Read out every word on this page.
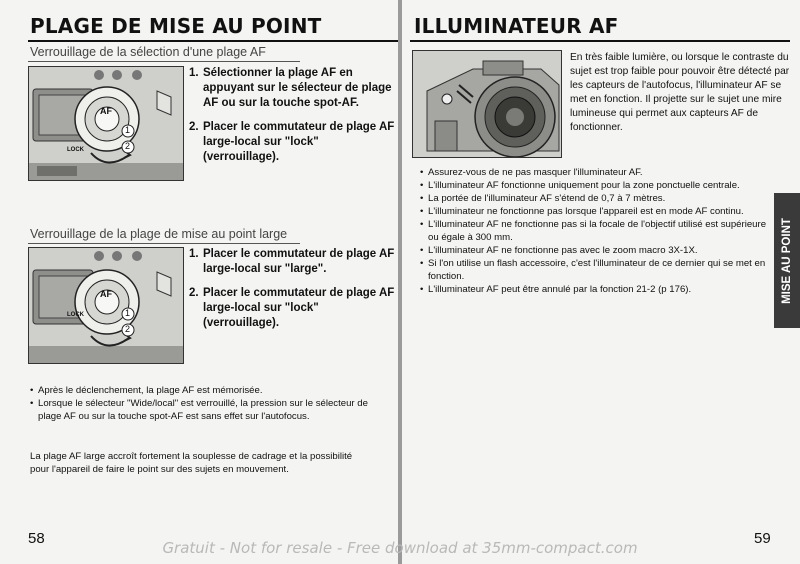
PLAGE DE MISE AU POINT
Verrouillage de la sélection d'une plage AF
AF
LOCK
1
2
1. Sélectionner la plage AF en appuyant sur le sélecteur de plage AF ou sur la touche spot-AF.
2. Placer le commutateur de plage AF large-local sur "lock" (verrouillage).
Verrouillage de la plage de mise au point large
AF
LOCK	1
2
1. Placer le commutateur de plage AF large-local sur "large".
2. Placer le commutateur de plage AF large-local sur "lock" (verrouillage).
• Après le déclenchement, la plage AF est mémorisée.
• Lorsque le sélecteur "Wide/local" est verrouillé, la pression sur le sélecteur de plage AF ou sur la touche spot-AF est sans effet sur l'autofocus.

La plage AF large accroît fortement la souplesse de cadrage et la possibilité pour l'appareil de faire le point sur des sujets en mouvement.

58
ILLUMINATEUR AF

En très faible lumière, ou lorsque le contraste du sujet est trop faible pour pouvoir être détecté par les capteurs de l'autofocus, l'illuminateur AF se met en fonction. Il projette sur le sujet une mire lumineuse qui permet aux capteurs AF de fonctionner.

• Assurez-vous de ne pas masquer l'illuminateur AF.
• L'illuminateur AF fonctionne uniquement pour la zone ponctuelle centrale.
• La portée de l'illuminateur AF s'étend de 0,7 à 7 mètres.
• L'illuminateur ne fonctionne pas lorsque l'appareil est en mode AF continu.
• L'illuminateur AF ne fonctionne pas si la focale de l'objectif utilisé est supérieure ou égale à 300 mm.
• L'illuminateur AF ne fonctionne pas avec le zoom macro 3X-1X.
• Si l'on utilise un flash accessoire, c'est l'illuminateur de ce dernier qui se met en fonction.
• L'illuminateur AF peut être annulé par la fonction 21-2 (p 176).	MISE AU POINT
59
Gratuit - Not for resale - Free download at 35mm-compact.com
